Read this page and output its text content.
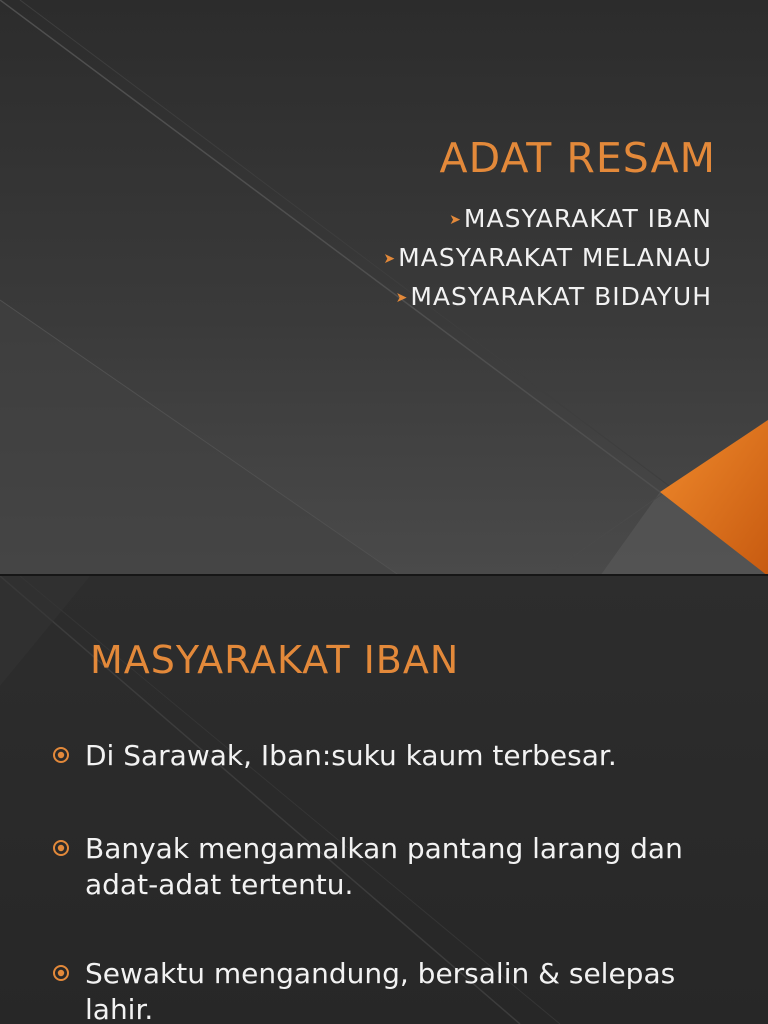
ADAT RESAM
➤MASYARAKAT IBAN
➤MASYARAKAT MELANAU
➤MASYARAKAT BIDAYUH
MASYARAKAT IBAN
Di Sarawak, Iban:suku kaum terbesar.
Banyak mengamalkan pantang larang dan adat-adat tertentu.
Sewaktu mengandung, bersalin & selepas lahir.
